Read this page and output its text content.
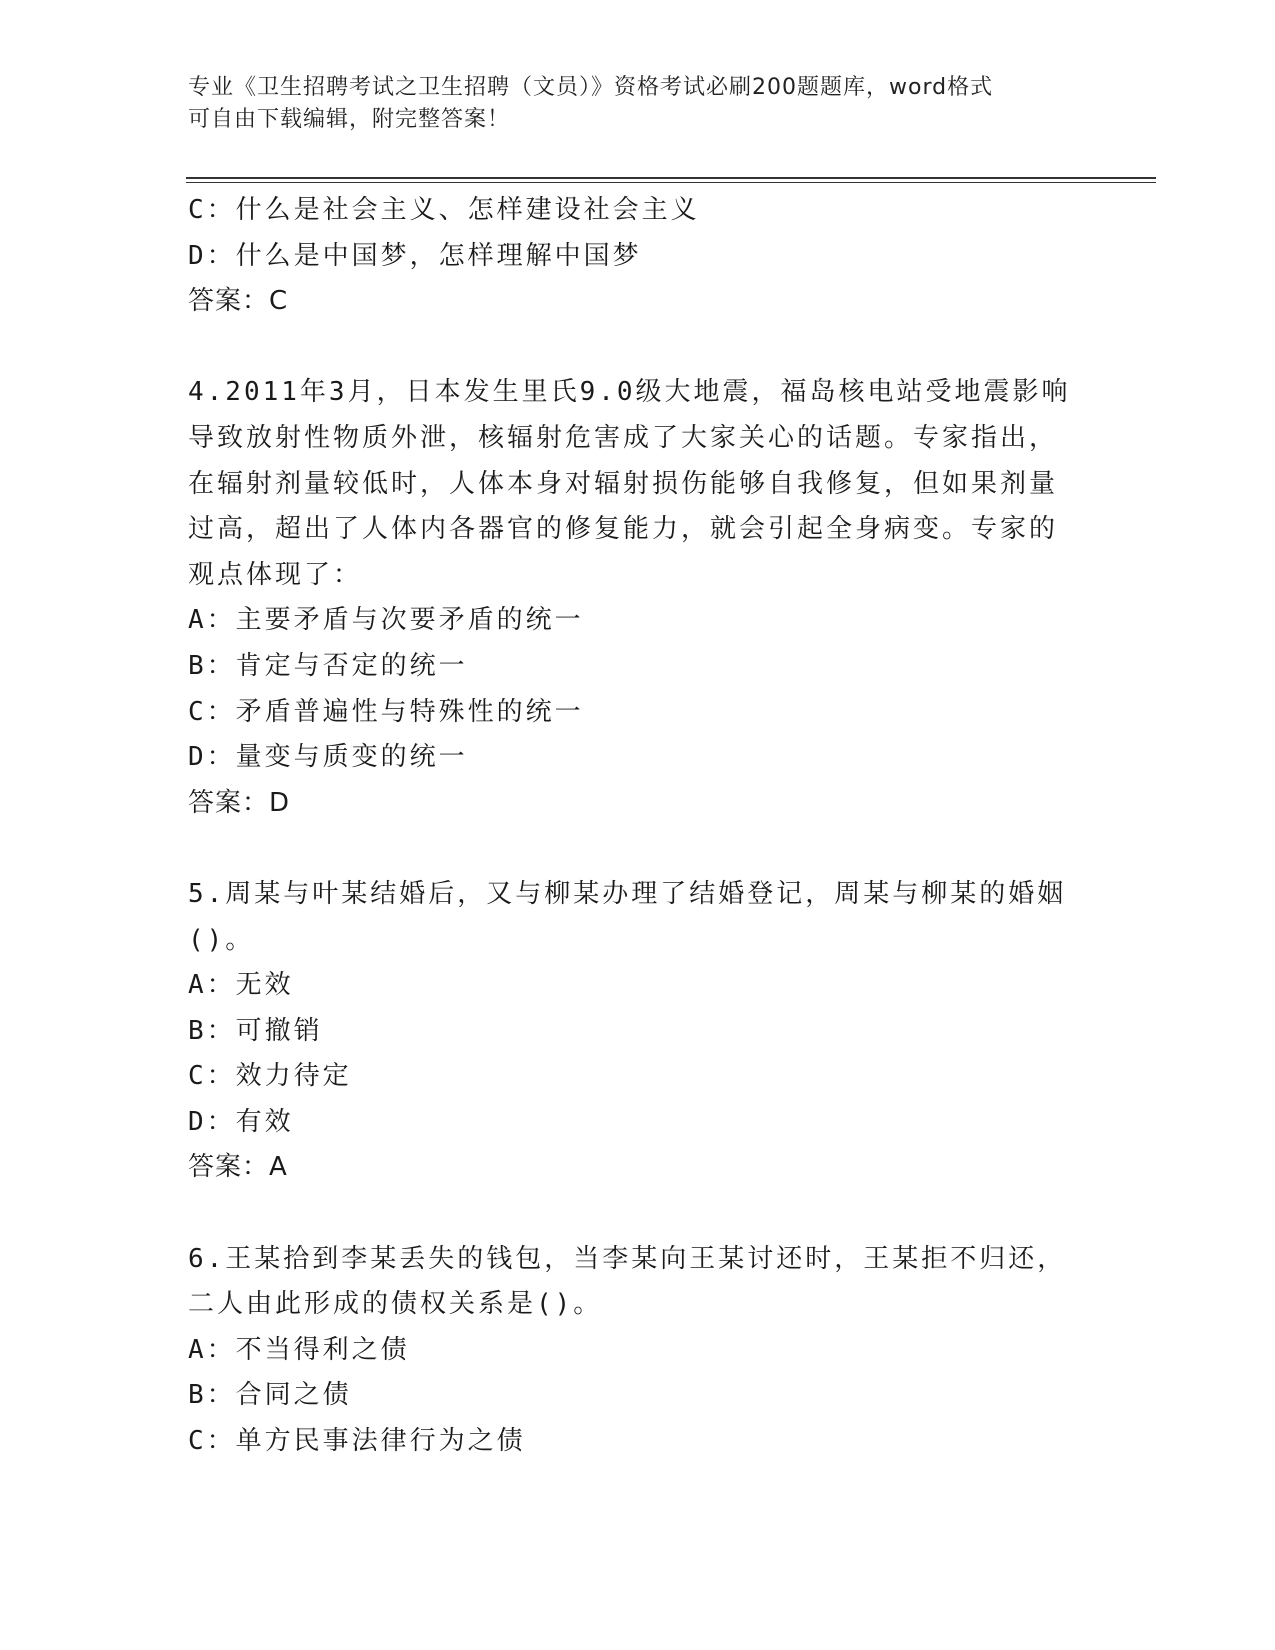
专业《卫生招聘考试之卫生招聘（文员）》资格考试必刷200题题库，word格式
可自由下载编辑，附完整答案！

C：什么是社会主义、怎样建设社会主义

D：什么是中国梦，怎样理解中国梦

答案：C

4.2011年3月，日本发生里氏9.0级大地震，福岛核电站受地震影响

导致放射性物质外泄，核辐射危害成了大家关心的话题。专家指出，

在辐射剂量较低时，人体本身对辐射损伤能够自我修复，但如果剂量

过高，超出了人体内各器官的修复能力，就会引起全身病变。专家的

观点体现了：

A：主要矛盾与次要矛盾的统一

B：肯定与否定的统一

C：矛盾普遍性与特殊性的统一

D：量变与质变的统一

答案：D

5.周某与叶某结婚后，又与柳某办理了结婚登记，周某与柳某的婚姻

()。

A：无效

B：可撤销

C：效力待定

D：有效

答案：A

6.王某拾到李某丢失的钱包，当李某向王某讨还时，王某拒不归还，

二人由此形成的债权关系是()。

A：不当得利之债

B：合同之债

C：单方民事法律行为之债
